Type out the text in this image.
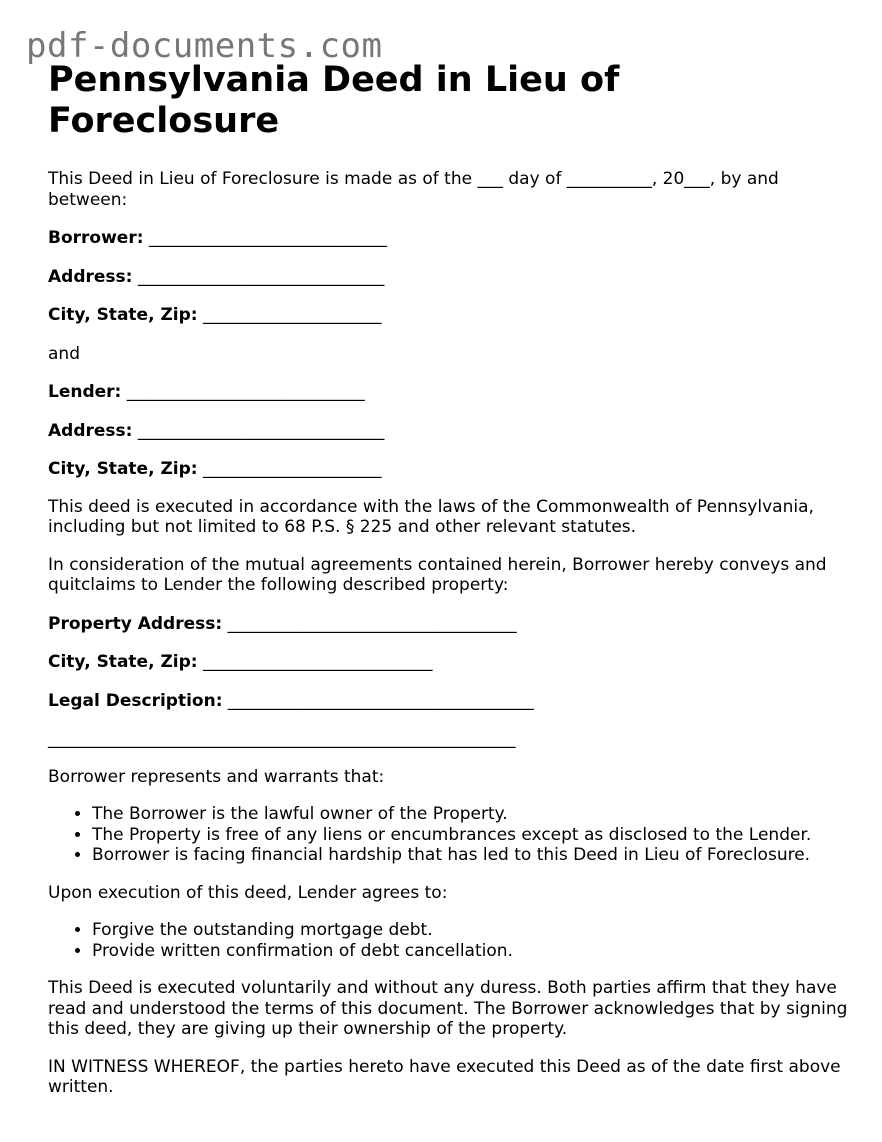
pdf-documents.com
Pennsylvania Deed in Lieu of Foreclosure

This Deed in Lieu of Foreclosure is made as of the ___ day of __________, 20___, by and between:

Borrower: ____________________________

Address: _____________________________

City, State, Zip: _____________________

and

Lender: ____________________________

Address: _____________________________

City, State, Zip: _____________________

This deed is executed in accordance with the laws of the Commonwealth of Pennsylvania, including but not limited to 68 P.S. § 225 and other relevant statutes.

In consideration of the mutual agreements contained herein, Borrower hereby conveys and quitclaims to Lender the following described property:

Property Address: __________________________________

City, State, Zip: ___________________________

Legal Description: ____________________________________

_______________________________________________________

Borrower represents and warrants that:

• The Borrower is the lawful owner of the Property.
• The Property is free of any liens or encumbrances except as disclosed to the Lender.
• Borrower is facing financial hardship that has led to this Deed in Lieu of Foreclosure.

Upon execution of this deed, Lender agrees to:

• Forgive the outstanding mortgage debt.
• Provide written confirmation of debt cancellation.

This Deed is executed voluntarily and without any duress. Both parties affirm that they have read and understood the terms of this document. The Borrower acknowledges that by signing this deed, they are giving up their ownership of the property.

IN WITNESS WHEREOF, the parties hereto have executed this Deed as of the date first above written.
